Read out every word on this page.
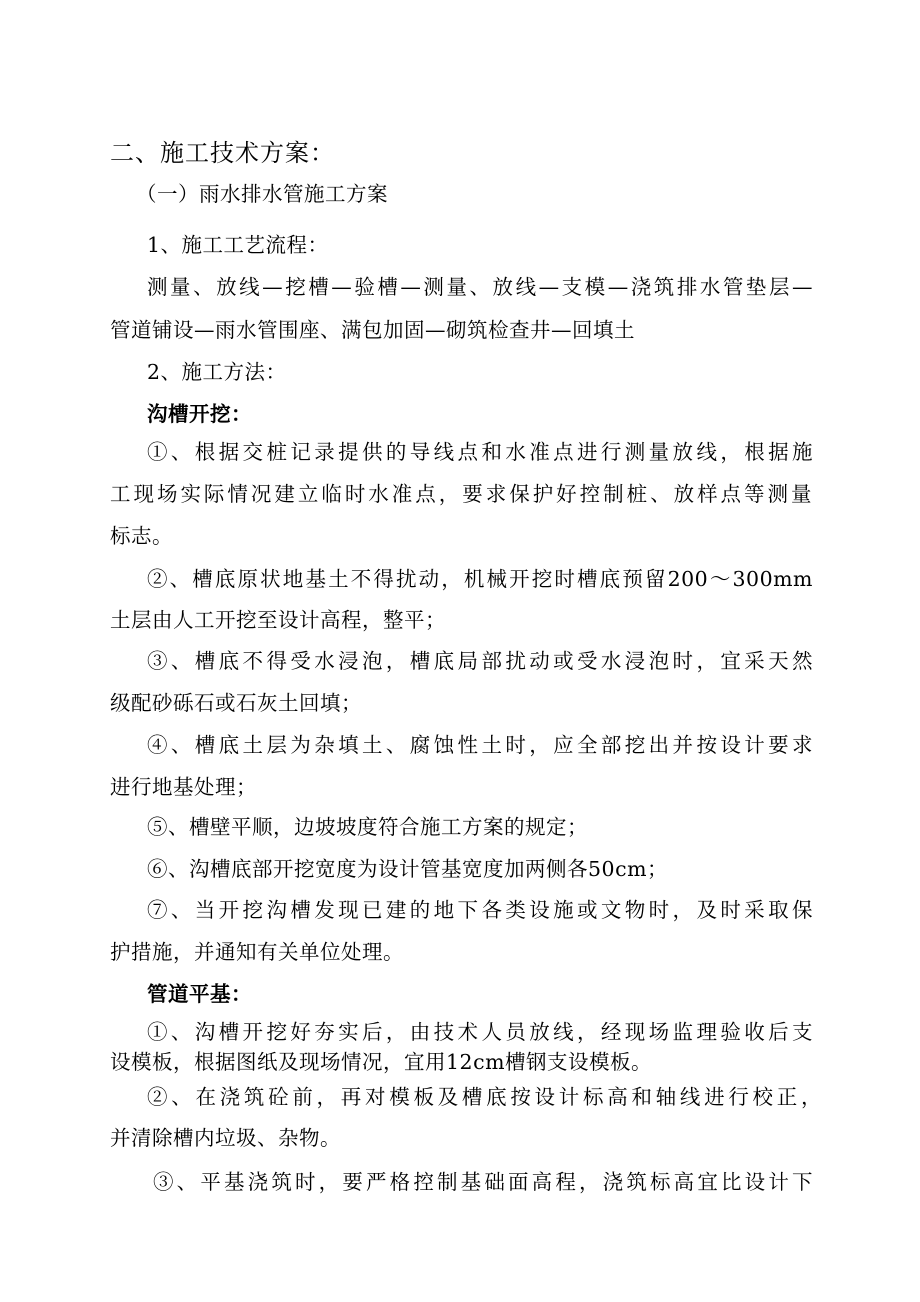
二、施工技术方案：
（一）雨水排水管施工方案
1、施工工艺流程：
测量、放线—挖槽—验槽—测量、放线—支模—浇筑排水管垫层—
管道铺设—雨水管围座、满包加固—砌筑检查井—回填土
2、施工方法：
沟槽开挖：
①、根据交桩记录提供的导线点和水准点进行测量放线，根据施
工现场实际情况建立临时水准点，要求保护好控制桩、放样点等测量
标志。
②、槽底原状地基土不得扰动，机械开挖时槽底预留200～300mm
土层由人工开挖至设计高程，整平；
③、槽底不得受水浸泡，槽底局部扰动或受水浸泡时，宜采天然
级配砂砾石或石灰土回填；
④、槽底土层为杂填土、腐蚀性土时，应全部挖出并按设计要求
进行地基处理；
⑤、槽壁平顺，边坡坡度符合施工方案的规定；
⑥、沟槽底部开挖宽度为设计管基宽度加两侧各50cm；
⑦、当开挖沟槽发现已建的地下各类设施或文物时，及时采取保
护措施，并通知有关单位处理。
管道平基：
①、沟槽开挖好夯实后，由技术人员放线，经现场监理验收后支
设模板，根据图纸及现场情况，宜用12cm槽钢支设模板。
②、在浇筑砼前，再对模板及槽底按设计标高和轴线进行校正，
并清除槽内垃圾、杂物。
③、平基浇筑时，要严格控制基础面高程，浇筑标高宜比设计下
